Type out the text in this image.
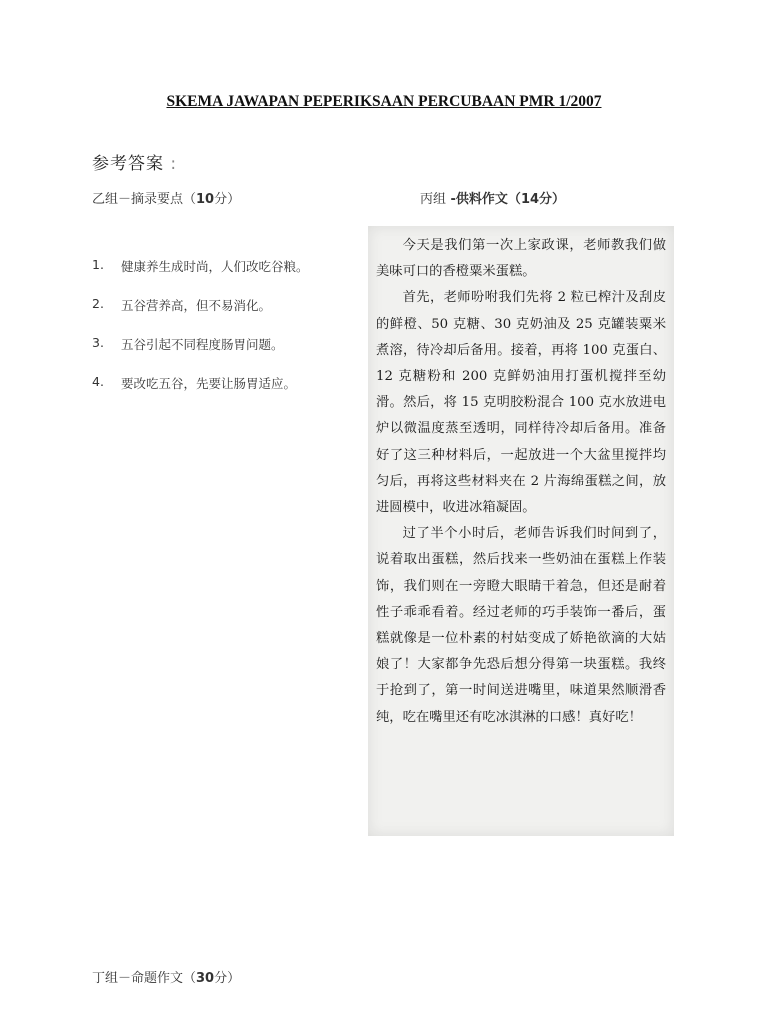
SKEMA JAWAPAN PEPERIKSAAN PERCUBAAN PMR 1/2007
参考答案 :
乙组－摘录要点（10分）	丙组 -供料作文（14分）
1.	健康养生成时尚，人们改吃谷粮。
2.	五谷营养高，但不易消化。
3.	五谷引起不同程度肠胃问题。
4.	要改吃五谷，先要让肠胃适应。

今天是我们第一次上家政课，老师教我们做美味可口的香橙粟米蛋糕。

首先，老师吩咐我们先将 2 粒已榨汁及刮皮的鲜橙、50 克糖、30 克奶油及 25 克罐装粟米煮溶，待冷却后备用。接着，再将 100 克蛋白、12 克糖粉和 200 克鲜奶油用打蛋机搅拌至幼滑。然后，将 15 克明胶粉混合 100 克水放进电炉以微温度蒸至透明，同样待冷却后备用。准备好了这三种材料后，一起放进一个大盆里搅拌均匀后，再将这些材料夹在 2 片海绵蛋糕之间，放进圆模中，收进冰箱凝固。

过了半个小时后，老师告诉我们时间到了，说着取出蛋糕，然后找来一些奶油在蛋糕上作装饰，我们则在一旁瞪大眼睛干着急，但还是耐着性子乖乖看着。经过老师的巧手装饰一番后，蛋糕就像是一位朴素的村姑变成了娇艳欲滴的大姑娘了！大家都争先恐后想分得第一块蛋糕。我终于抢到了，第一时间送进嘴里，味道果然顺滑香纯，吃在嘴里还有吃冰淇淋的口感！真好吃！

丁组－命题作文（30分）
